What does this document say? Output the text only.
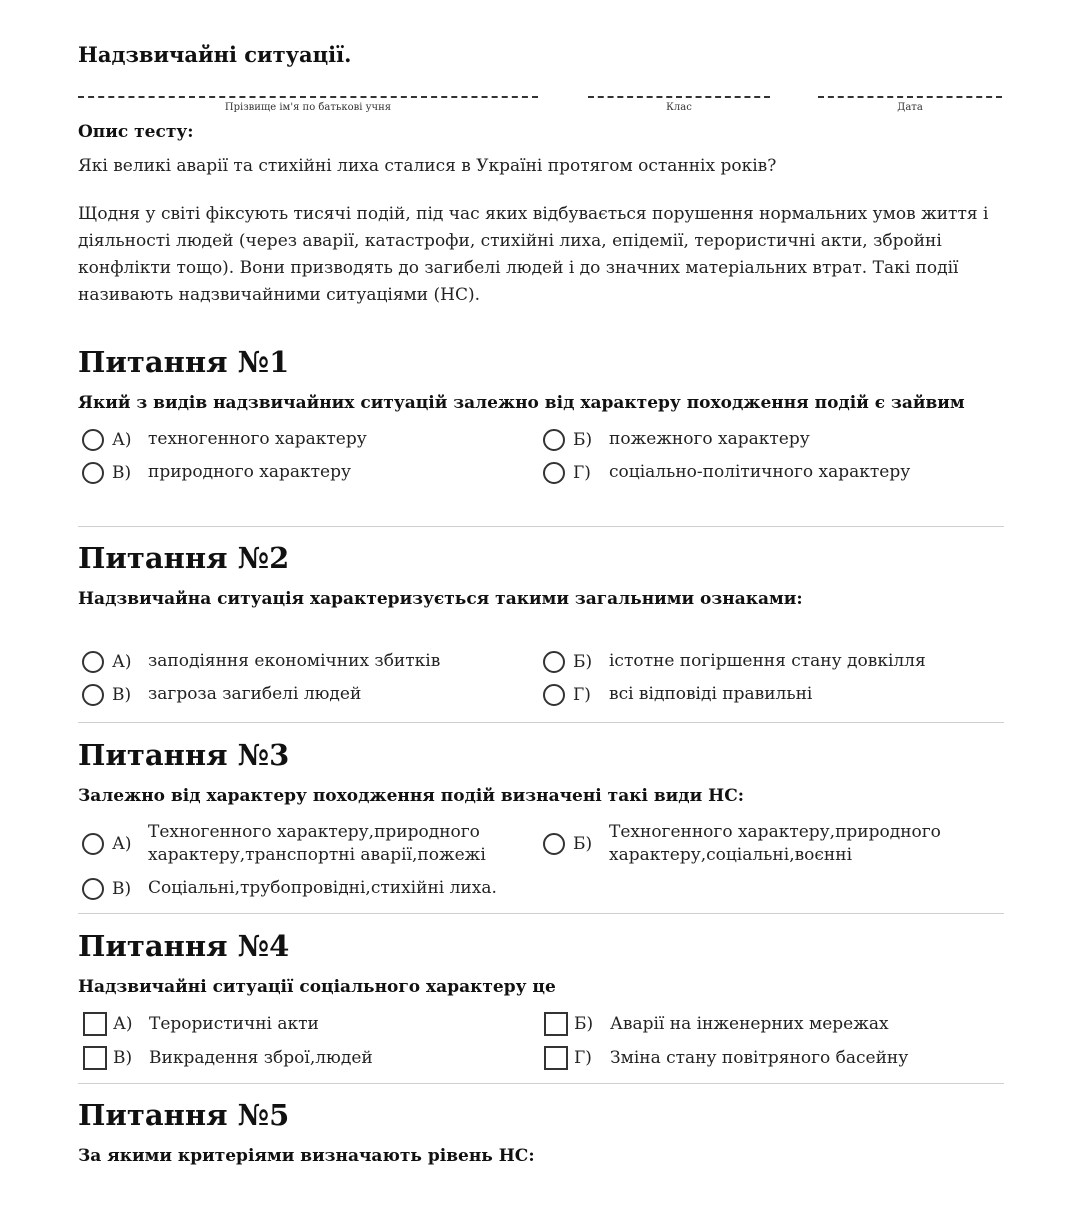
Надзвичайні ситуації.
Прізвище ім'я по батькові учня	Клас	Дата
Опис тесту:

Які великі аварії та стихійні лиха сталися в Україні протягом останніх років?

Щодня у світі фіксують тисячі подій, під час яких відбувається порушення нормальних умов життя і діяльності людей (через аварії, катастрофи, стихійні лиха, епідемії, терористичні акти, збройні конфлікти тощо). Вони призводять до загибелі людей і до значних матеріальних втрат. Такі події називають надзвичайними ситуаціями (НС).

Питання №1

Який з видів надзвичайних ситуацій залежно від характеру походження подій є зайвим

А) техногенного характеру	Б) пожежного характеру
В) природного характеру	Г)	соціально-політичного характеру
Питання №2

Надзвичайна ситуація характеризується такими загальними ознаками:

А) заподіяння економічних збитків	Б) істотне погіршення стану довкілля
В) загроза загибелі людей	Г)	всі відповіді правильні
Питання №3

Залежно від характеру походження подій визначені такі види НС:

А)
Техногенного характеру,природного характеру,транспортні аварії,пожежі
Б)
Техногенного характеру,природного характеру,соціальні,воєнні
В) Соціальні,трубопровідні,стихійні лиха.
Питання №4

Надзвичайні ситуації соціального характеру це

А) Терористичні акти	Б) Аварії на інженерних мережах
В) Викрадення зброї,людей	Г)	Зміна стану повітряного басейну
Питання №5

За якими критеріями визначають рівень НС:
